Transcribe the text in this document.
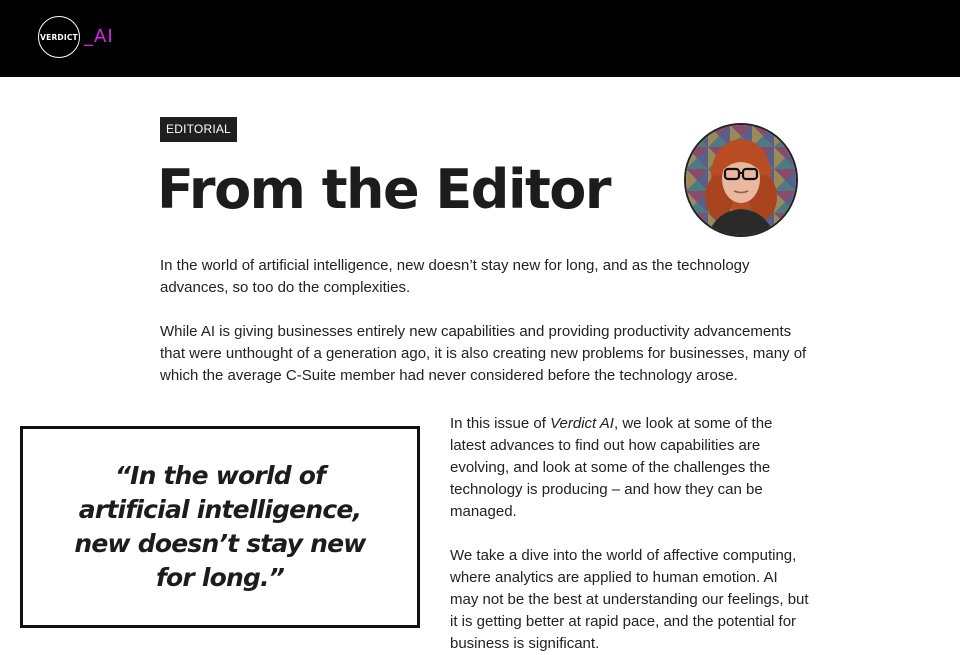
VERDICT _AI
EDITORIAL
From the Editor

In the world of artificial intelligence, new doesn’t stay new for long, and as the technology advances, so too do the complexities.

While AI is giving businesses entirely new capabilities and providing productivity advancements that were unthought of a generation ago, it is also creating new problems for businesses, many of which the average C-Suite member had never considered before the technology arose.

“In the world of artificial intelligence, new doesn’t stay new for long.”

In this issue of Verdict AI, we look at some of the latest advances to find out how capabilities are evolving, and look at some of the challenges the technology is producing – and how they can be managed.

We take a dive into the world of affective computing, where analytics are applied to human emotion. AI may not be the best at understanding our feelings, but it is getting better at rapid pace, and the potential for business is significant.
